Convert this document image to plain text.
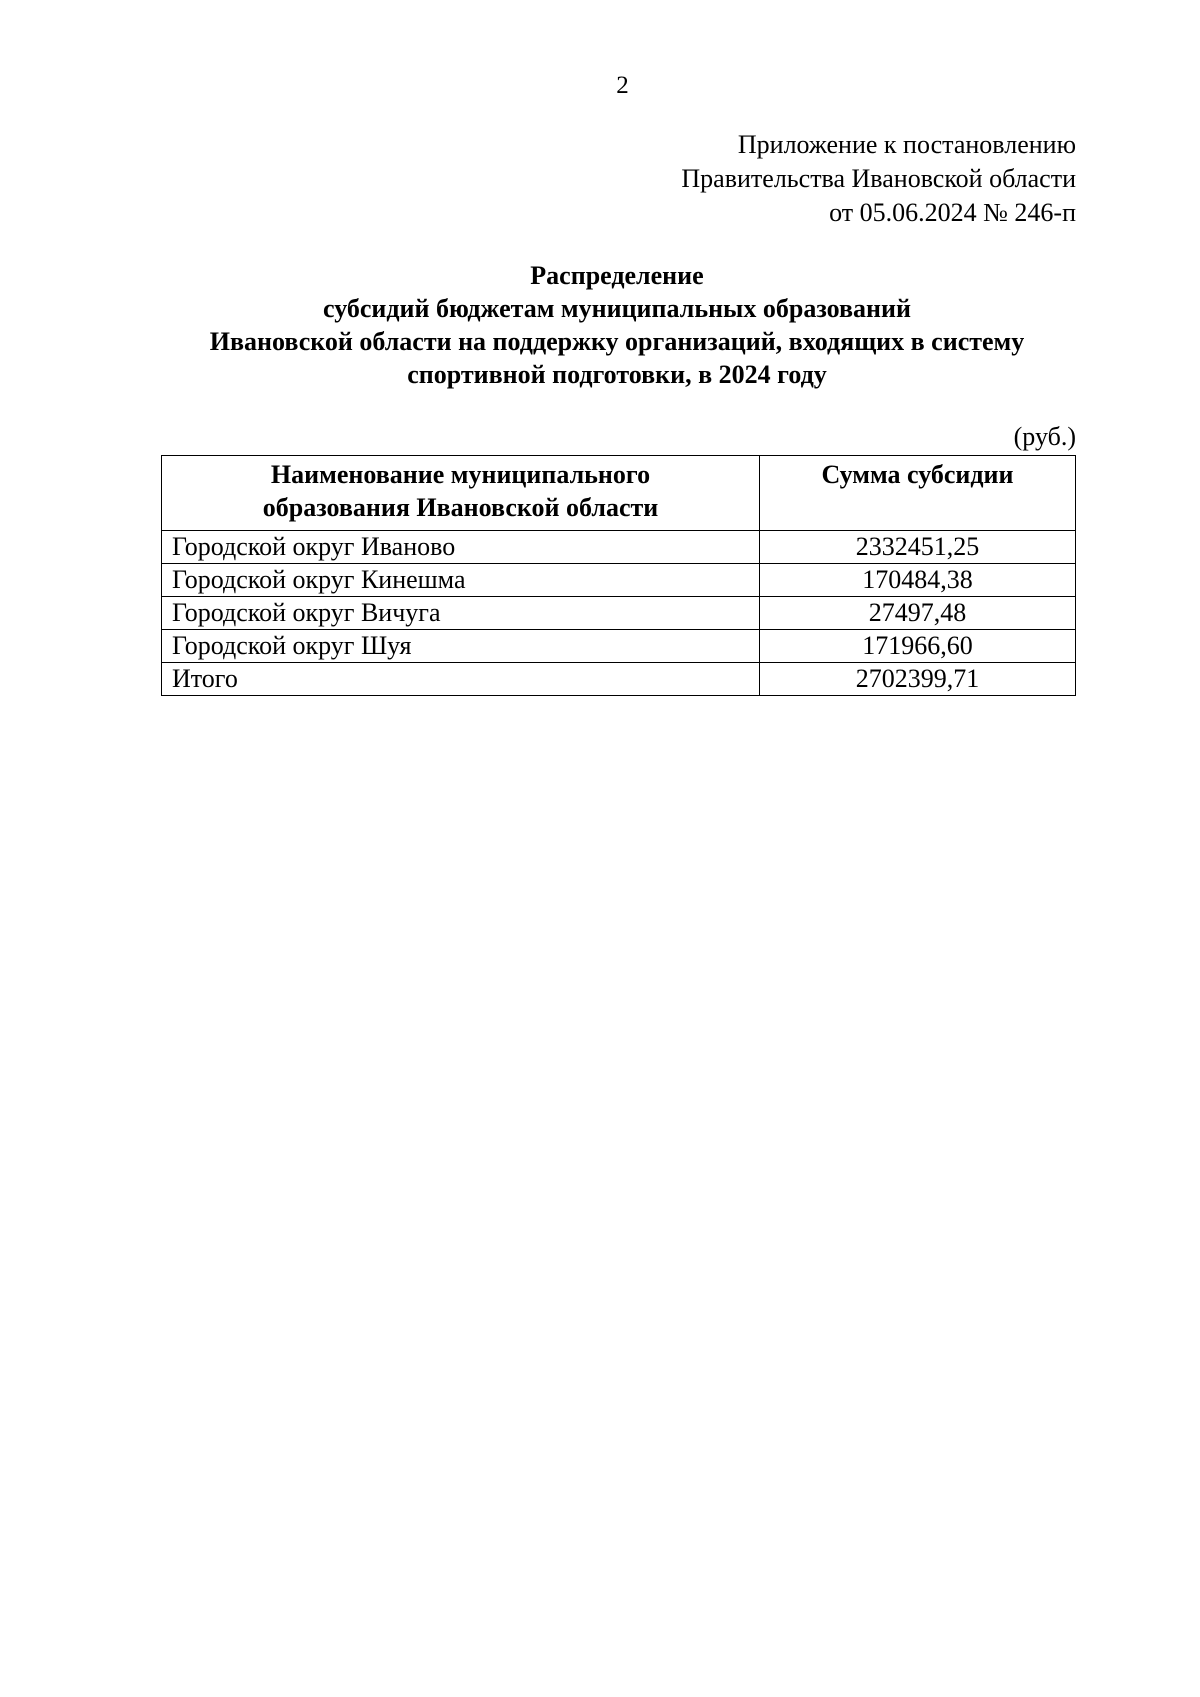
2
Приложение к постановлению
Правительства Ивановской области
от 05.06.2024 № 246-п
Распределение
субсидий бюджетам муниципальных образований
Ивановской области на поддержку организаций, входящих в систему
спортивной подготовки, в 2024 году
(руб.)
Наименование муниципального
образования Ивановской области	Сумма субсидии
Городской округ Иваново	2332451,25
Городской округ Кинешма	170484,38
Городской округ Вичуга	27497,48
Городской округ Шуя	171966,60
Итого	2702399,71
